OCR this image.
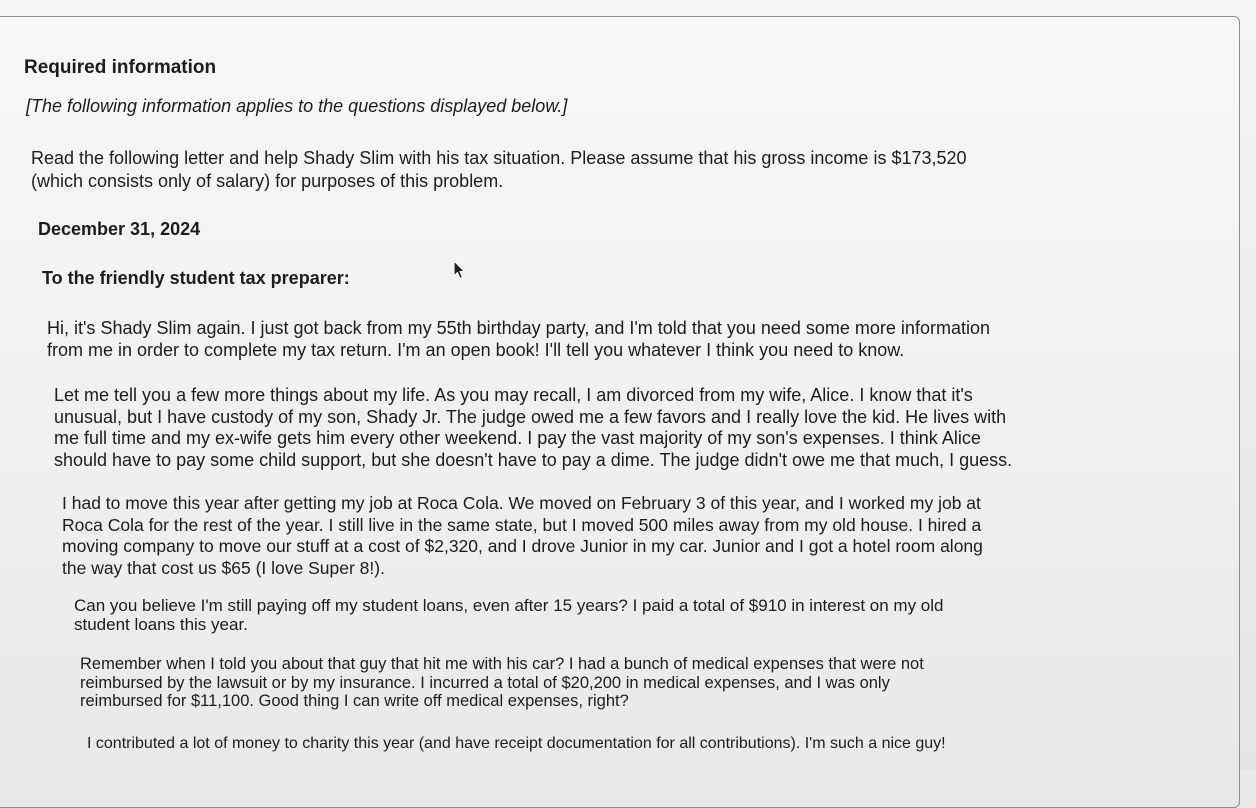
Required information

[The following information applies to the questions displayed below.]

Read the following letter and help Shady Slim with his tax situation. Please assume that his gross income is $173,520

(which consists only of salary) for purposes of this problem.

December 31, 2024

To the friendly student tax preparer:

Hi, it's Shady Slim again. I just got back from my 55th birthday party, and I'm told that you need some more information

from me in order to complete my tax return. I'm an open book! I'll tell you whatever I think you need to know.

Let me tell you a few more things about my life. As you may recall, I am divorced from my wife, Alice. I know that it's

unusual, but I have custody of my son, Shady Jr. The judge owed me a few favors and I really love the kid. He lives with

me full time and my ex-wife gets him every other weekend. I pay the vast majority of my son's expenses. I think Alice

should have to pay some child support, but she doesn't have to pay a dime. The judge didn't owe me that much, I guess.

I had to move this year after getting my job at Roca Cola. We moved on February 3 of this year, and I worked my job at

Roca Cola for the rest of the year. I still live in the same state, but I moved 500 miles away from my old house. I hired a

moving company to move our stuff at a cost of $2,320, and I drove Junior in my car. Junior and I got a hotel room along

the way that cost us $65 (I love Super 8!).

Can you believe I'm still paying off my student loans, even after 15 years? I paid a total of $910 in interest on my old

student loans this year.

Remember when I told you about that guy that hit me with his car? I had a bunch of medical expenses that were not

reimbursed by the lawsuit or by my insurance. I incurred a total of $20,200 in medical expenses, and I was only

reimbursed for $11,100. Good thing I can write off medical expenses, right?

I contributed a lot of money to charity this year (and have receipt documentation for all contributions). I'm such a nice guy!
